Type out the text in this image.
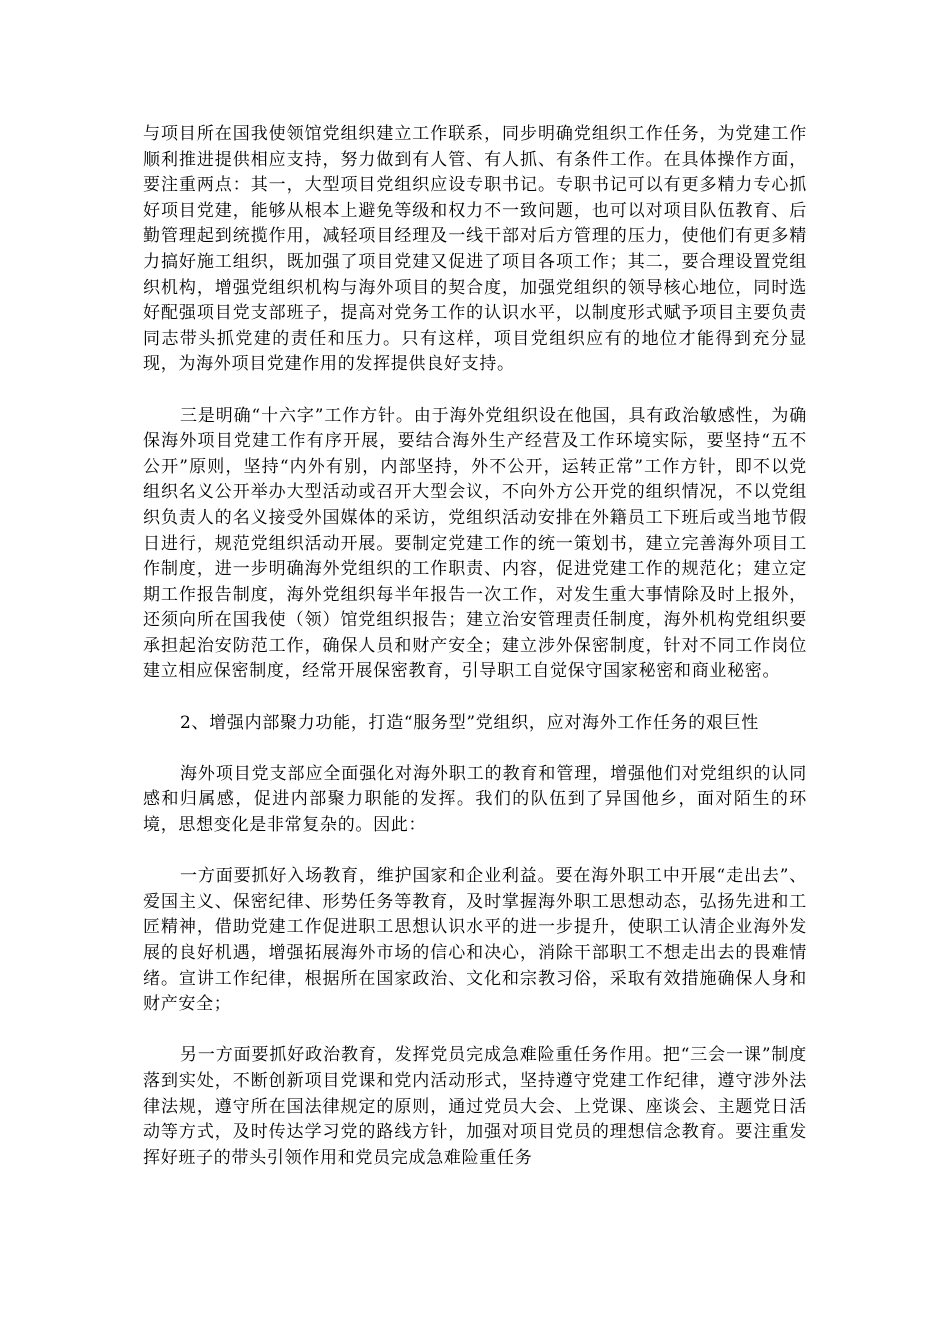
与项目所在国我使领馆党组织建立工作联系，同步明确党组织工作任务，为党建工作顺利推进提供相应支持，努力做到有人管、有人抓、有条件工作。在具体操作方面，要注重两点：其一，大型项目党组织应设专职书记。专职书记可以有更多精力专心抓好项目党建，能够从根本上避免等级和权力不一致问题，也可以对项目队伍教育、后勤管理起到统揽作用，减轻项目经理及一线干部对后方管理的压力，使他们有更多精力搞好施工组织，既加强了项目党建又促进了项目各项工作；其二，要合理设置党组织机构，增强党组织机构与海外项目的契合度，加强党组织的领导核心地位，同时选好配强项目党支部班子，提高对党务工作的认识水平，以制度形式赋予项目主要负责同志带头抓党建的责任和压力。只有这样，项目党组织应有的地位才能得到充分显现，为海外项目党建作用的发挥提供良好支持。

三是明确“十六字”工作方针。由于海外党组织设在他国，具有政治敏感性，为确保海外项目党建工作有序开展，要结合海外生产经营及工作环境实际，要坚持“五不公开”原则，坚持“内外有别，内部坚持，外不公开，运转正常”工作方针，即不以党组织名义公开举办大型活动或召开大型会议，不向外方公开党的组织情况，不以党组织负责人的名义接受外国媒体的采访，党组织活动安排在外籍员工下班后或当地节假日进行，规范党组织活动开展。要制定党建工作的统一策划书，建立完善海外项目工作制度，进一步明确海外党组织的工作职责、内容，促进党建工作的规范化；建立定期工作报告制度，海外党组织每半年报告一次工作，对发生重大事情除及时上报外，还须向所在国我使（领）馆党组织报告；建立治安管理责任制度，海外机构党组织要承担起治安防范工作，确保人员和财产安全；建立涉外保密制度，针对不同工作岗位建立相应保密制度，经常开展保密教育，引导职工自觉保守国家秘密和商业秘密。

2、增强内部聚力功能，打造“服务型”党组织，应对海外工作任务的艰巨性

海外项目党支部应全面强化对海外职工的教育和管理，增强他们对党组织的认同感和归属感，促进内部聚力职能的发挥。我们的队伍到了异国他乡，面对陌生的环境，思想变化是非常复杂的。因此：

一方面要抓好入场教育，维护国家和企业利益。要在海外职工中开展“走出去”、爱国主义、保密纪律、形势任务等教育，及时掌握海外职工思想动态，弘扬先进和工匠精神，借助党建工作促进职工思想认识水平的进一步提升，使职工认清企业海外发展的良好机遇，增强拓展海外市场的信心和决心，消除干部职工不想走出去的畏难情绪。宣讲工作纪律，根据所在国家政治、文化和宗教习俗，采取有效措施确保人身和财产安全；

另一方面要抓好政治教育，发挥党员完成急难险重任务作用。把“三会一课”制度落到实处，不断创新项目党课和党内活动形式，坚持遵守党建工作纪律，遵守涉外法律法规，遵守所在国法律规定的原则，通过党员大会、上党课、座谈会、主题党日活动等方式，及时传达学习党的路线方针，加强对项目党员的理想信念教育。要注重发挥好班子的带头引领作用和党员完成急难险重任务
